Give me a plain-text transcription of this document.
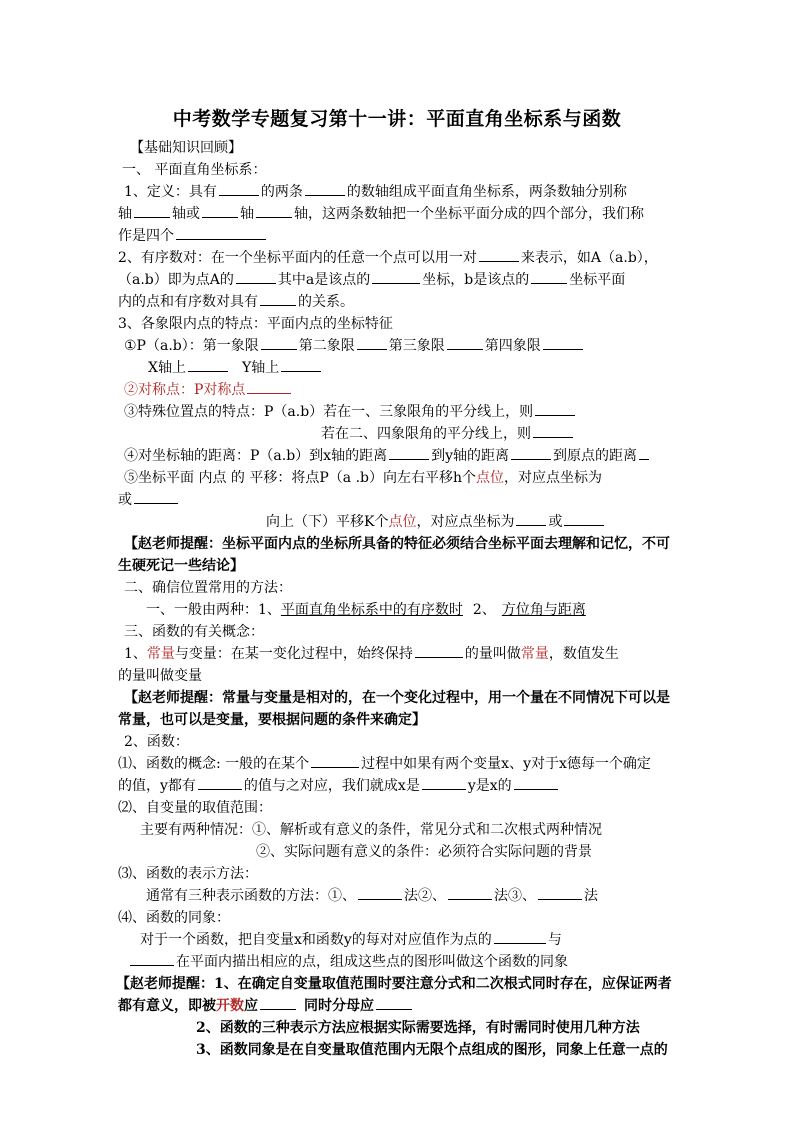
中考数学专题复习第十一讲：平面直角坐标系与函数
【基础知识回顾】
一、 平面直角坐标系：
1、定义：具有	的两条	的数轴组成平面直角坐标系，两条数轴分别称
轴	轴或	轴	轴，这两条数轴把一个坐标平面分成的四个部分，我们称
作是四个
2、有序数对：在一个坐标平面内的任意一个点可以用一对	来表示，如A（a.b），
（a.b）即为点A的	其中a是该点的	坐标，b是该点的	坐标平面
内的点和有序数对具有	的关系。
3、各象限内点的特点：平面内点的坐标特征
①P（a.b）：第一象限	第二象限 第三象限	第四象限
X轴上	Y轴上
②对称点：P对称点
③特殊位置点的特点：P（a.b）若在一、三象限角的平分线上，则
若在二、四象限角的平分线上，则
④对坐标轴的距离：P（a.b）到x轴的距离	到y轴的距离	到原点的距离
⑤坐标平面 内点 的 平移：将点P（a .b）向左右平移h个点位，对应点坐标为
或
向上（下）平移K个点位，对应点坐标为 或
【赵老师提醒：坐标平面内点的坐标所具备的特征必须结合坐标平面去理解和记忆，不可
生硬死记一些结论】
二、确信位置常用的方法：
一、一般由两种：1、平面直角坐标系中的有序数时 2、 方位角与距离
三、函数的有关概念：
1、常量与变量：在某一变化过程中，始终保持	的量叫做常量，数值发生
的量叫做变量
【赵老师提醒：常量与变量是相对的，在一个变化过程中，用一个量在不同情况下可以是
常量，也可以是变量，要根据问题的条件来确定】
2、函数：
⑴、函数的概念: 一般的在某个	过程中如果有两个变量x、y对于x德每一个确定
的值，y都有	的值与之对应，我们就成x是	y是x的
⑵、自变量的取值范围：
主要有两种情况：①、解析或有意义的条件，常见分式和二次根式两种情况
②、实际问题有意义的条件：必须符合实际问题的背景
⑶、函数的表示方法：
通常有三种表示函数的方法：①、	法②、	法③、	法
⑷、函数的同象：
对于一个函数，把自变量x和函数y的每对对应值作为点的	与
在平面内描出相应的点，组成这些点的图形叫做这个函数的同象
【赵老师提醒：1、在确定自变量取值范围时要注意分式和二次根式同时存在，应保证两者
都有意义，即被开数应	同时分母应
2、函数的三种表示方法应根据实际需要选择，有时需同时使用几种方法
3、函数同象是在自变量取值范围内无限个点组成的图形，同象上任意一点的
